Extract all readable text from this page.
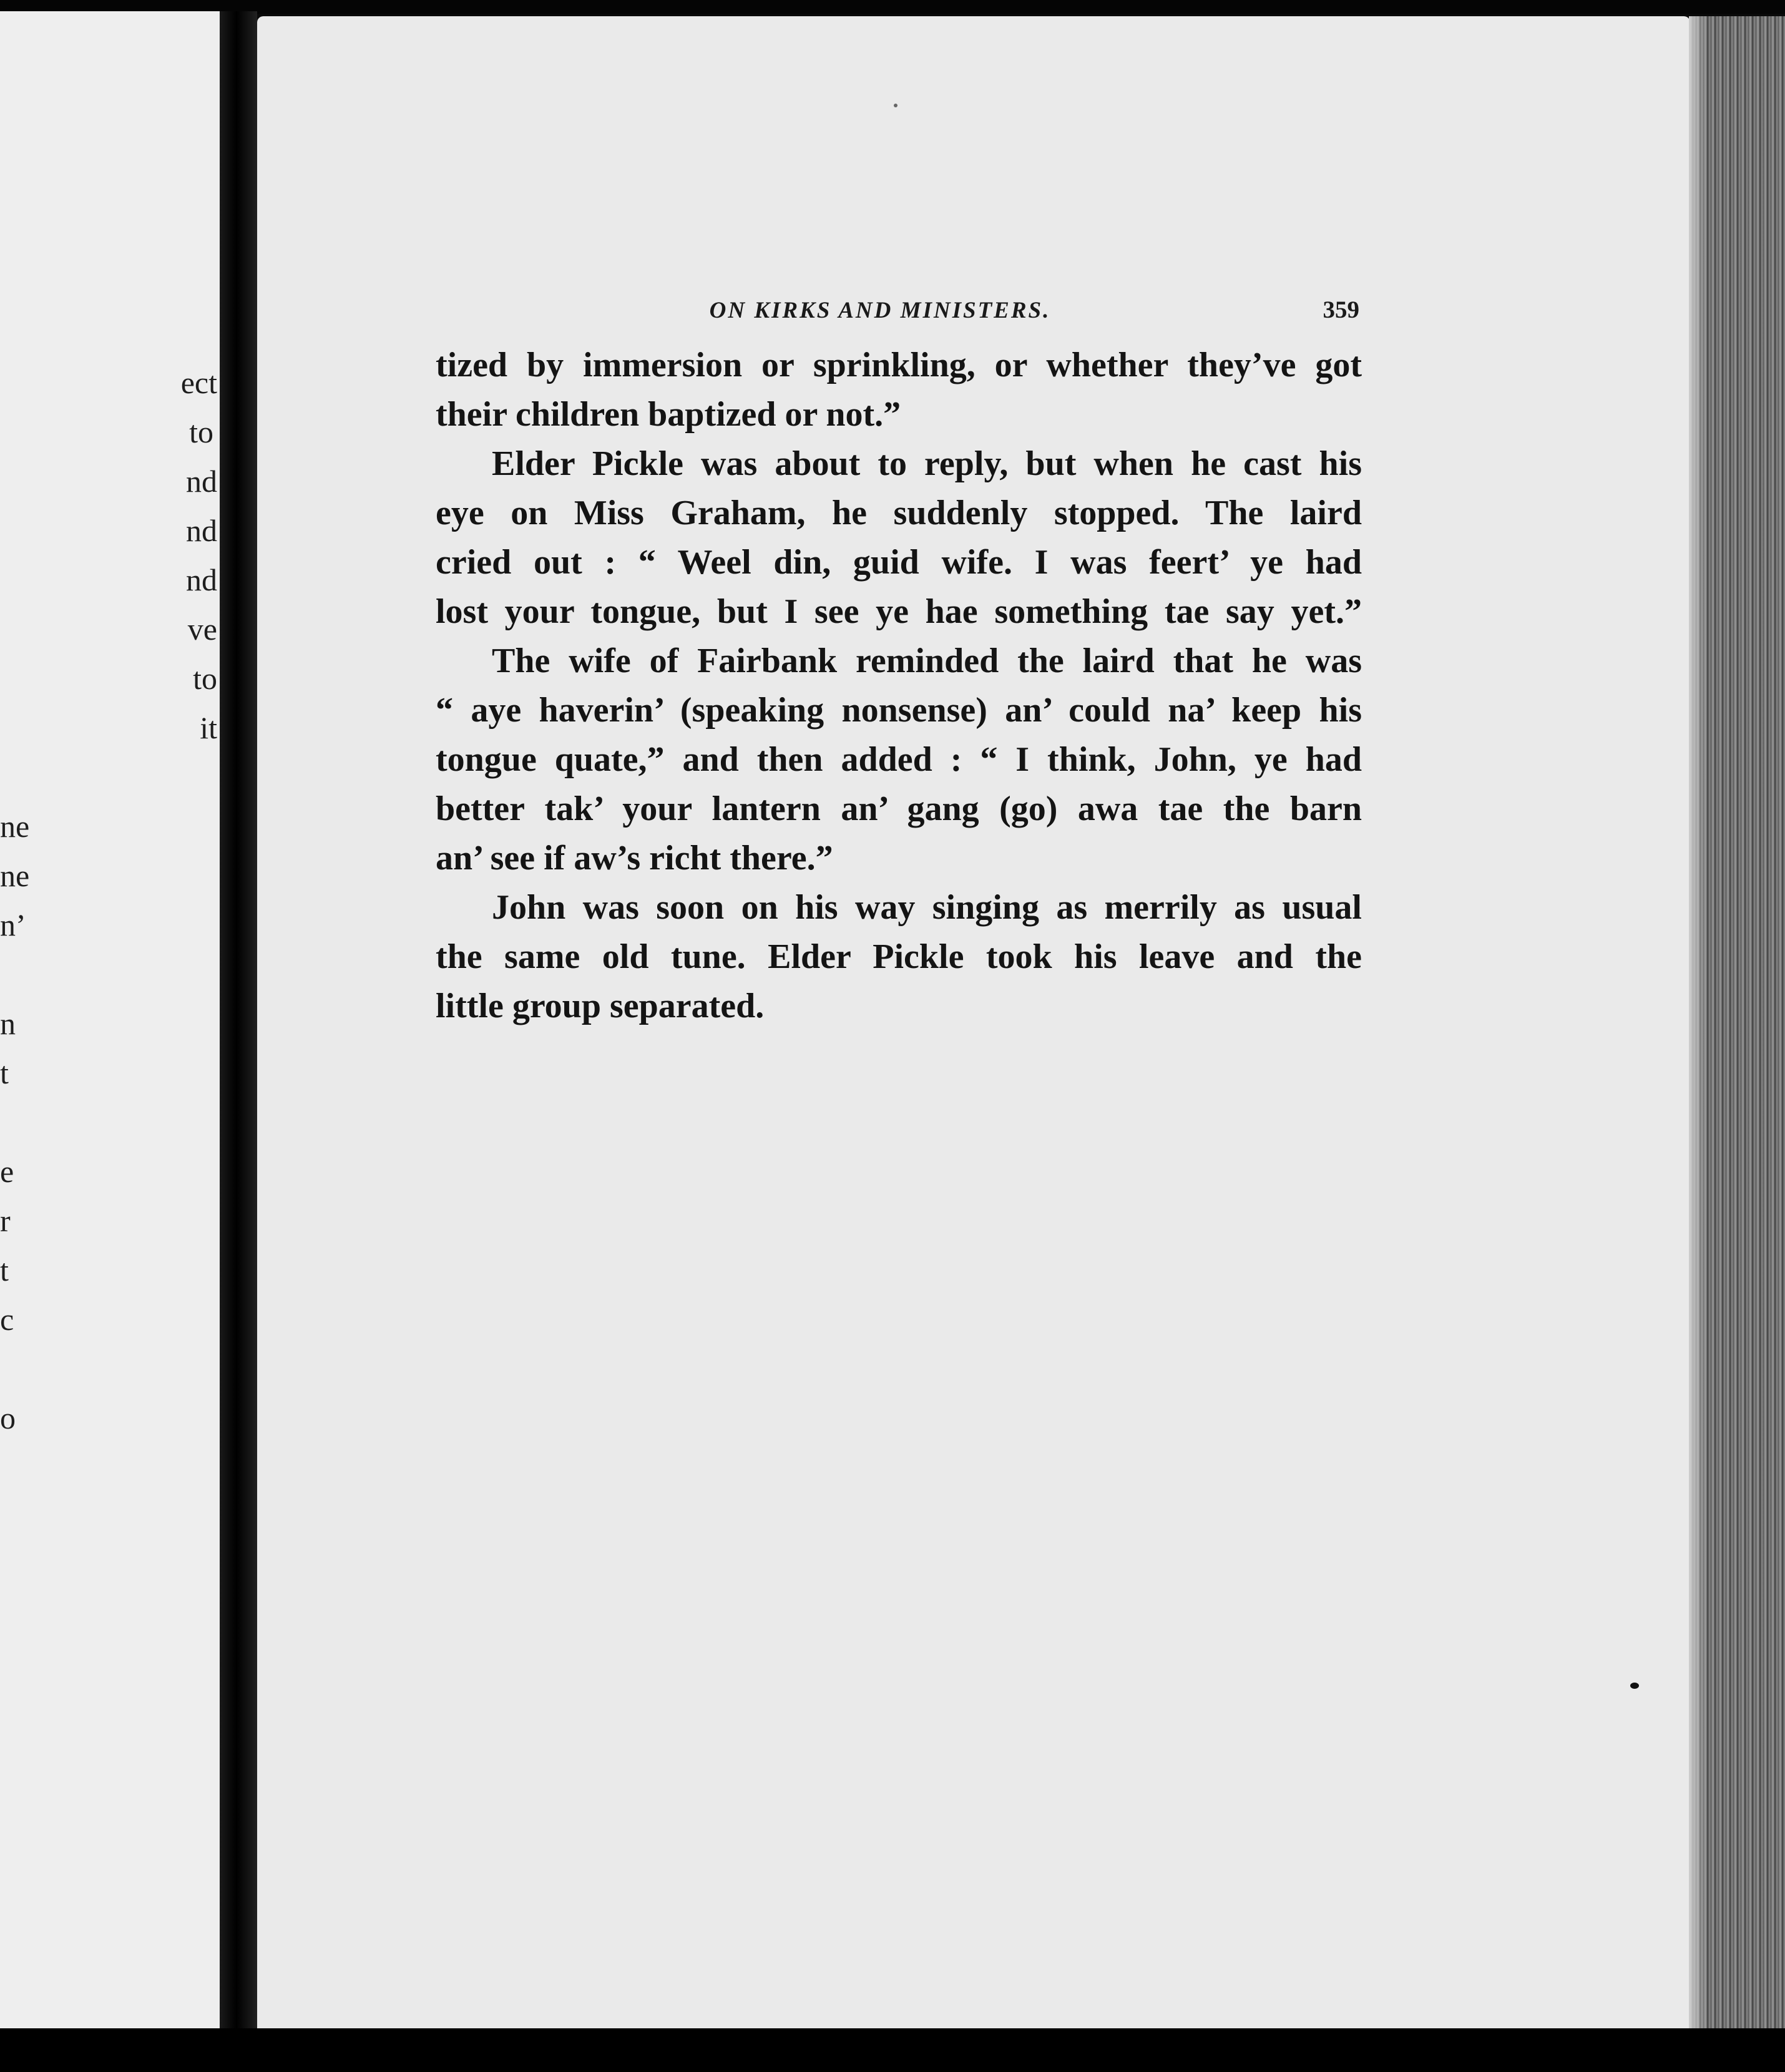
ect
to
nd
nd
nd
ve
to
it
ne
ne
n’
n
t
e
r
t
c
o
ON KIRKS AND MINISTERS.	359
tized by immersion or sprinkling, or whether they’ve got
their children baptized or not.”
Elder Pickle was about to reply, but when he cast his
eye on Miss Graham, he suddenly stopped. The laird
cried out : “ Weel din, guid wife. I was feert’ ye had
lost your tongue, but I see ye hae something tae say yet.”
The wife of Fairbank reminded the laird that he was
“ aye haverin’ (speaking nonsense) an’ could na’ keep his
tongue quate,” and then added : “ I think, John, ye had
better tak’ your lantern an’ gang (go) awa tae the barn
an’ see if aw’s richt there.”
John was soon on his way singing as merrily as usual
the same old tune. Elder Pickle took his leave and the
little group separated.
